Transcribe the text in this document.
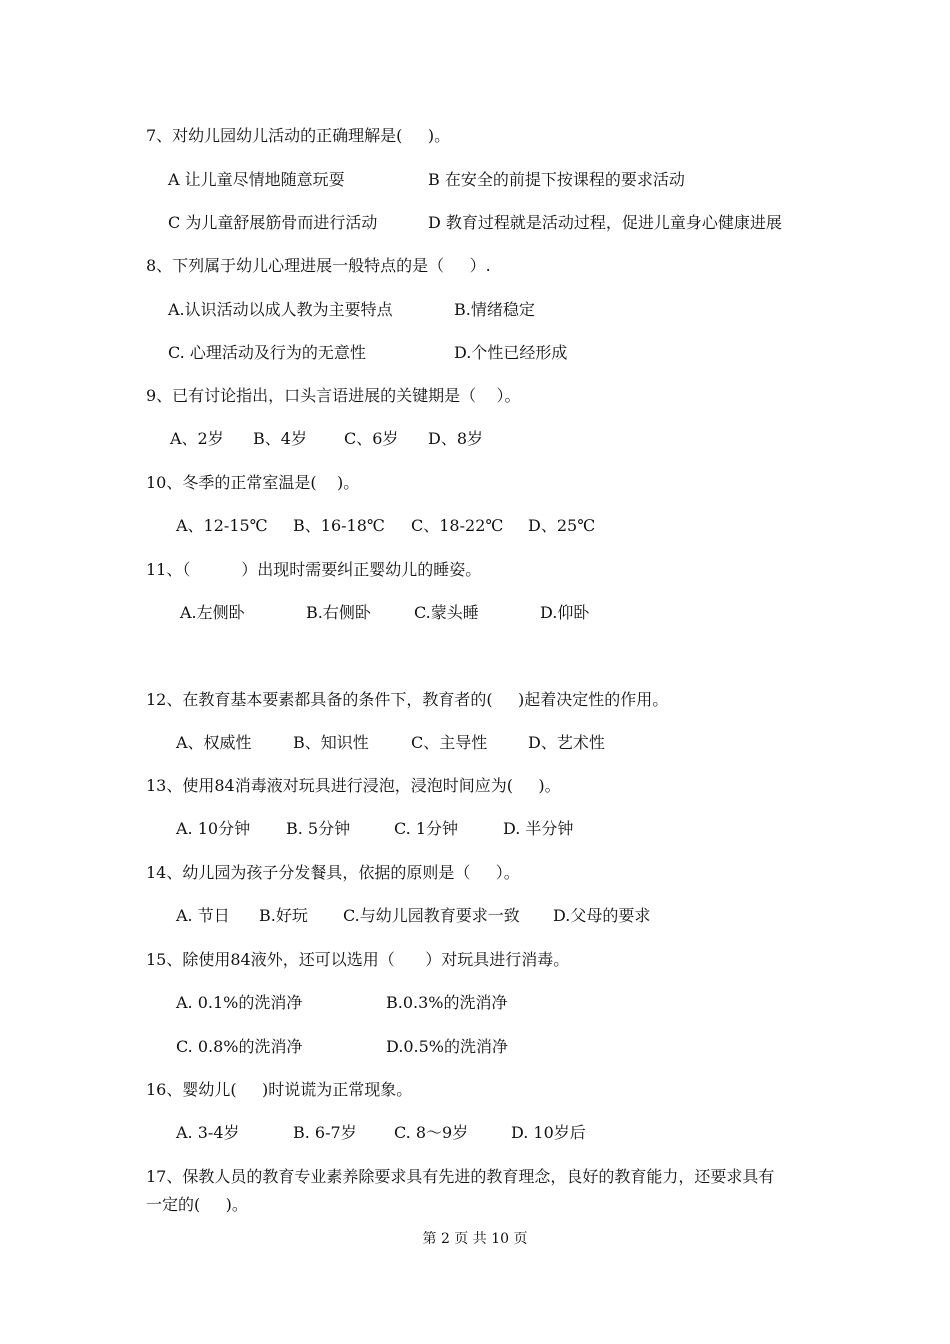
7、对幼儿园幼儿活动的正确理解是(     )。
A 让儿童尽情地随意玩耍	B 在安全的前提下按课程的要求活动
C 为儿童舒展筋骨而进行活动	D 教育过程就是活动过程，促进儿童身心健康进展
8、下列属于幼儿心理进展一般特点的是（     ）.
A.认识活动以成人教为主要特点	B.情绪稳定
C. 心理活动及行为的无意性	D.个性已经形成
9、已有讨论指出，口头言语进展的关键期是（    ）。
A、2岁 B、4岁 C、6岁 D、8岁
10、冬季的正常室温是(    )。
A、12-15℃ B、16-18℃ C、18-22℃ D、25℃
11、（          ）出现时需要纠正婴幼儿的睡姿。
A.左侧卧	B.右侧卧	C.蒙头睡	D.仰卧
12、在教育基本要素都具备的条件下，教育者的(     )起着决定性的作用。
A、权威性	B、知识性	C、主导性	D、艺术性
13、使用84消毒液对玩具进行浸泡，浸泡时间应为(     )。
A. 10分钟 B. 5分钟	C. 1分钟	D. 半分钟
14、幼儿园为孩子分发餐具，依据的原则是（     ）。
A. 节日 B.好玩 C.与幼儿园教育要求一致 D.父母的要求
15、除使用84液外，还可以选用（      ）对玩具进行消毒。
A. 0.1%的洗消净	B.0.3%的洗消净
C. 0.8%的洗消净	D.0.5%的洗消净
16、婴幼儿(     )时说谎为正常现象。
A. 3-4岁	B. 6-7岁 C. 8～9岁	D. 10岁后
17、保教人员的教育专业素养除要求具有先进的教育理念，良好的教育能力，还要求具有
一定的(     )。
第 2 页 共 10 页
